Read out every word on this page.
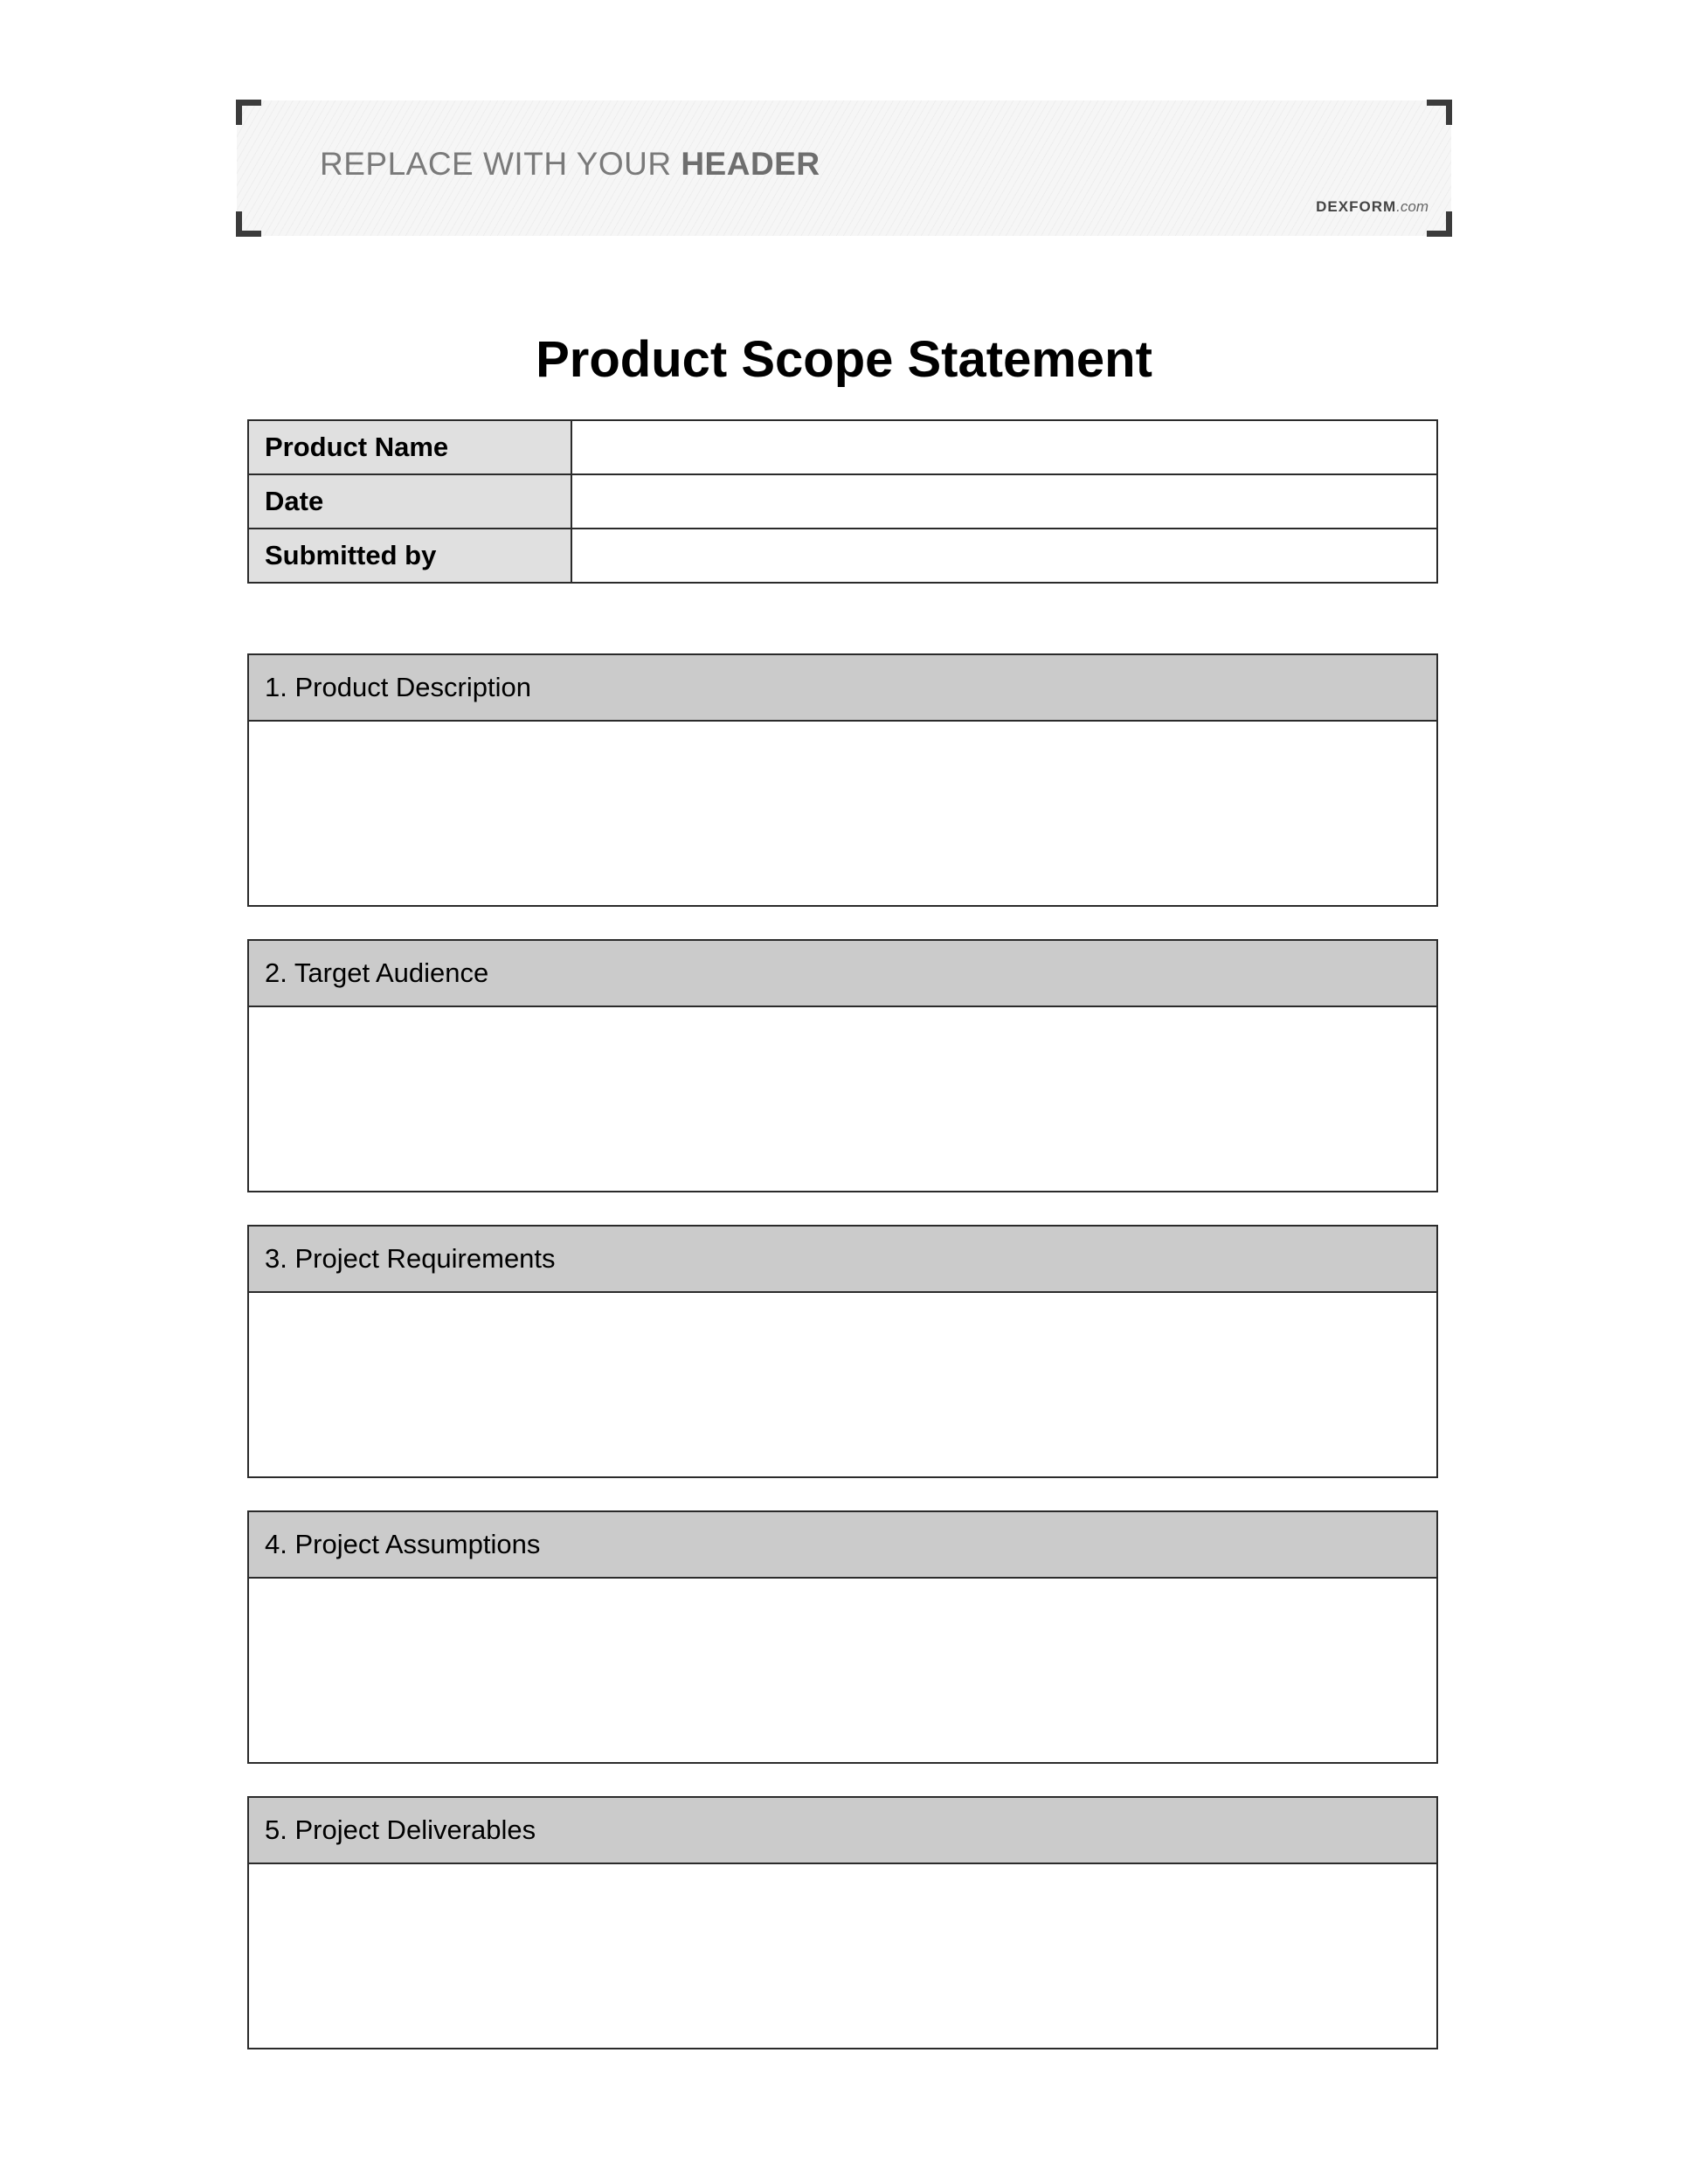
REPLACE WITH YOUR HEADER
DEXFORM.com
Product Scope Statement
Product Name	
Date	
Submitted by	
1. Product Description
2. Target Audience
3. Project Requirements
4. Project Assumptions
5. Project Deliverables
